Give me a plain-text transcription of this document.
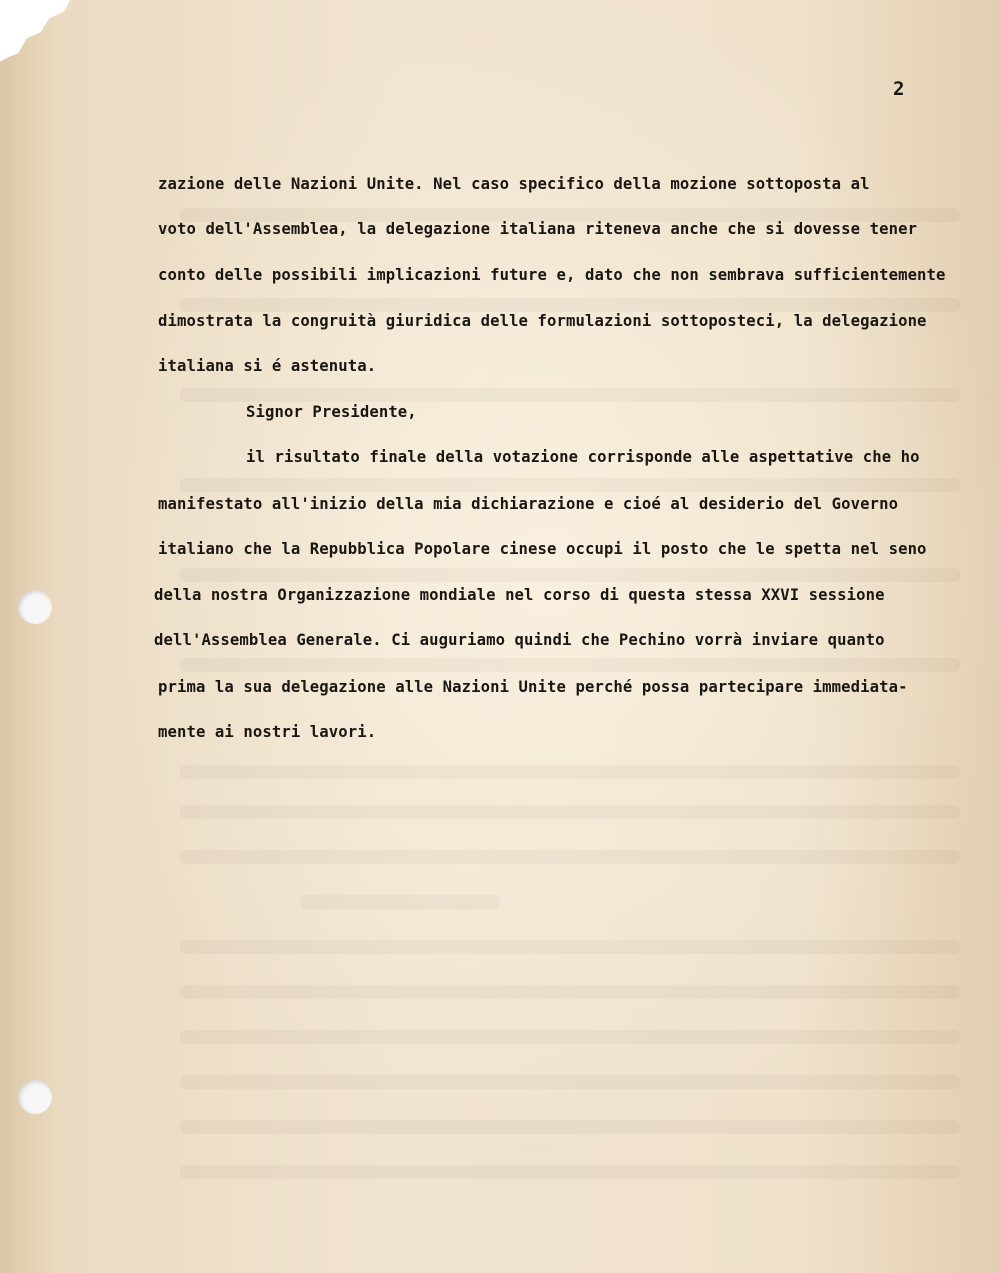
2
zazione delle Nazioni Unite. Nel caso specifico della mozione sottoposta al
voto dell'Assemblea, la delegazione italiana riteneva anche che si dovesse tener
conto delle possibili implicazioni future e, dato che non sembrava sufficientemente
dimostrata la congruità giuridica delle formulazioni sottoposteci, la delegazione
italiana si é astenuta.
Signor Presidente,
il risultato finale della votazione corrisponde alle aspettative che ho
manifestato all'inizio della mia dichiarazione e cioé al desiderio del Governo
italiano che la Repubblica Popolare cinese occupi il posto che le spetta nel seno
della nostra Organizzazione mondiale nel corso di questa stessa XXVI sessione
dell'Assemblea Generale. Ci auguriamo quindi che Pechino vorrà inviare quanto
prima la sua delegazione alle Nazioni Unite perché possa partecipare immediata-
mente ai nostri lavori.
